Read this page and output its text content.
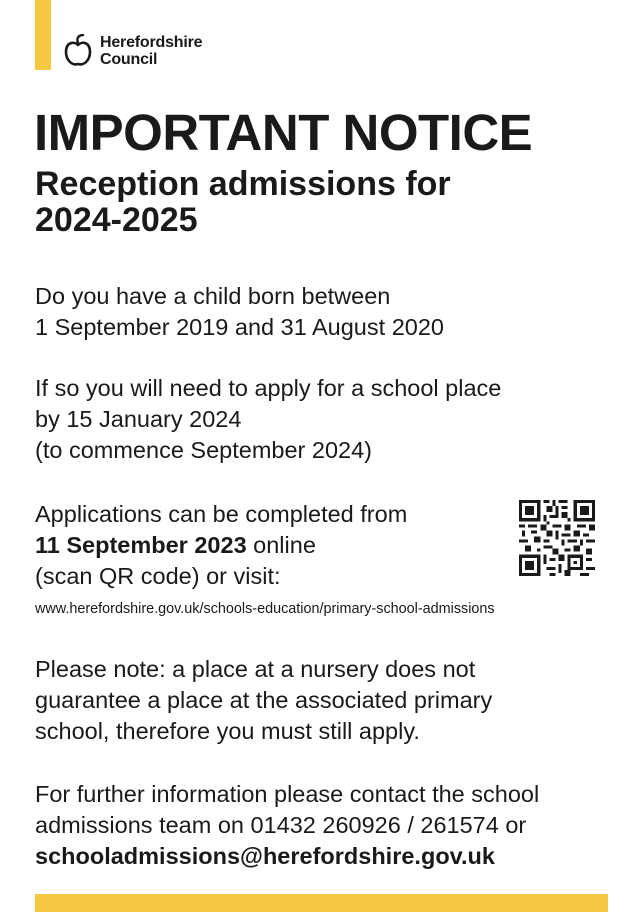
Herefordshire
Council
IMPORTANT NOTICE
Reception admissions for
2024-2025

Do you have a child born between
1 September 2019 and 31 August 2020

If so you will need to apply for a school place
by 15 January 2024
(to commence September 2024)

Applications can be completed from
11 September 2023 online
(scan QR code) or visit:

www.herefordshire.gov.uk/schools-education/primary-school-admissions

Please note: a place at a nursery does not
guarantee a place at the associated primary
school, therefore you must still apply.

For further information please contact the school
admissions team on 01432 260926 / 261574 or
schooladmissions@herefordshire.gov.uk
